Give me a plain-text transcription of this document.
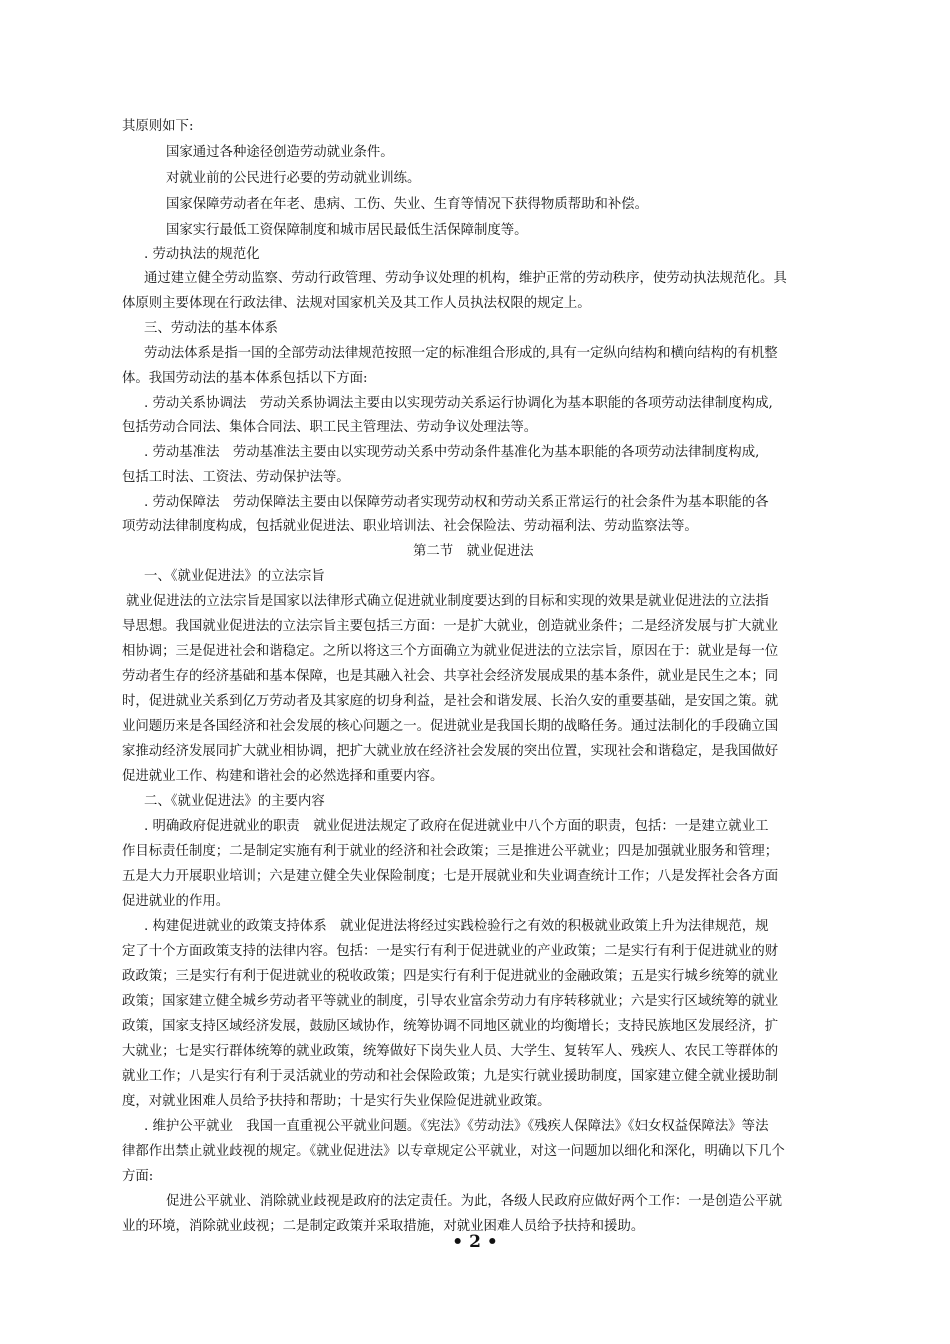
其原则如下:
国家通过各种途径创造劳动就业条件。
对就业前的公民进行必要的劳动就业训练。
国家保障劳动者在年老、患病、工伤、失业、生育等情况下获得物质帮助和补偿。
国家实行最低工资保障制度和城市居民最低生活保障制度等。
. 劳动执法的规范化
通过建立健全劳动监察、劳动行政管理、劳动争议处理的机构，维护正常的劳动秩序，使劳动执法规范化。具
体原则主要体现在行政法律、法规对国家机关及其工作人员执法权限的规定上。
三、劳动法的基本体系
劳动法体系是指一国的全部劳动法律规范按照一定的标准组合形成的,具有一定纵向结构和横向结构的有机整
体。我国劳动法的基本体系包括以下方面:
. 劳动关系协调法　劳动关系协调法主要由以实现劳动关系运行协调化为基本职能的各项劳动法律制度构成,
包括劳动合同法、集体合同法、职工民主管理法、劳动争议处理法等。
. 劳动基准法　劳动基准法主要由以实现劳动关系中劳动条件基准化为基本职能的各项劳动法律制度构成,
包括工时法、工资法、劳动保护法等。
. 劳动保障法　劳动保障法主要由以保障劳动者实现劳动权和劳动关系正常运行的社会条件为基本职能的各
项劳动法律制度构成，包括就业促进法、职业培训法、社会保险法、劳动福利法、劳动监察法等。
第二节　就业促进法
一、《就业促进法》的立法宗旨
就业促进法的立法宗旨是国家以法律形式确立促进就业制度要达到的目标和实现的效果是就业促进法的立法指
导思想。我国就业促进法的立法宗旨主要包括三方面：一是扩大就业，创造就业条件；二是经济发展与扩大就业
相协调；三是促进社会和谐稳定。之所以将这三个方面确立为就业促进法的立法宗旨，原因在于：就业是每一位
劳动者生存的经济基础和基本保障，也是其融入社会、共享社会经济发展成果的基本条件，就业是民生之本；同
时，促进就业关系到亿万劳动者及其家庭的切身利益，是社会和谐发展、长治久安的重要基础，是安国之策。就
业问题历来是各国经济和社会发展的核心问题之一。促进就业是我国长期的战略任务。通过法制化的手段确立国
家推动经济发展同扩大就业相协调，把扩大就业放在经济社会发展的突出位置，实现社会和谐稳定，是我国做好
促进就业工作、构建和谐社会的必然选择和重要内容。
二、《就业促进法》的主要内容
. 明确政府促进就业的职责　就业促进法规定了政府在促进就业中八个方面的职责，包括：一是建立就业工
作目标责任制度；二是制定实施有利于就业的经济和社会政策；三是推进公平就业；四是加强就业服务和管理；
五是大力开展职业培训；六是建立健全失业保险制度；七是开展就业和失业调查统计工作；八是发挥社会各方面
促进就业的作用。
. 构建促进就业的政策支持体系　就业促进法将经过实践检验行之有效的积极就业政策上升为法律规范，规
定了十个方面政策支持的法律内容。包括：一是实行有利于促进就业的产业政策；二是实行有利于促进就业的财
政政策；三是实行有利于促进就业的税收政策；四是实行有利于促进就业的金融政策；五是实行城乡统筹的就业
政策；国家建立健全城乡劳动者平等就业的制度，引导农业富余劳动力有序转移就业；六是实行区域统筹的就业
政策，国家支持区域经济发展，鼓励区域协作，统筹协调不同地区就业的均衡增长；支持民族地区发展经济，扩
大就业；七是实行群体统筹的就业政策，统筹做好下岗失业人员、大学生、复转军人、残疾人、农民工等群体的
就业工作；八是实行有利于灵活就业的劳动和社会保险政策；九是实行就业援助制度，国家建立健全就业援助制
度，对就业困难人员给予扶持和帮助；十是实行失业保险促进就业政策。
. 维护公平就业　我国一直重视公平就业问题。《宪法》《劳动法》《残疾人保障法》《妇女权益保障法》等法
律都作出禁止就业歧视的规定。《就业促进法》以专章规定公平就业，对这一问题加以细化和深化，明确以下几个
方面:
促进公平就业、消除就业歧视是政府的法定责任。为此，各级人民政府应做好两个工作：一是创造公平就
业的环境，消除就业歧视；二是制定政策并采取措施，对就业困难人员给予扶持和援助。
• 2 •
